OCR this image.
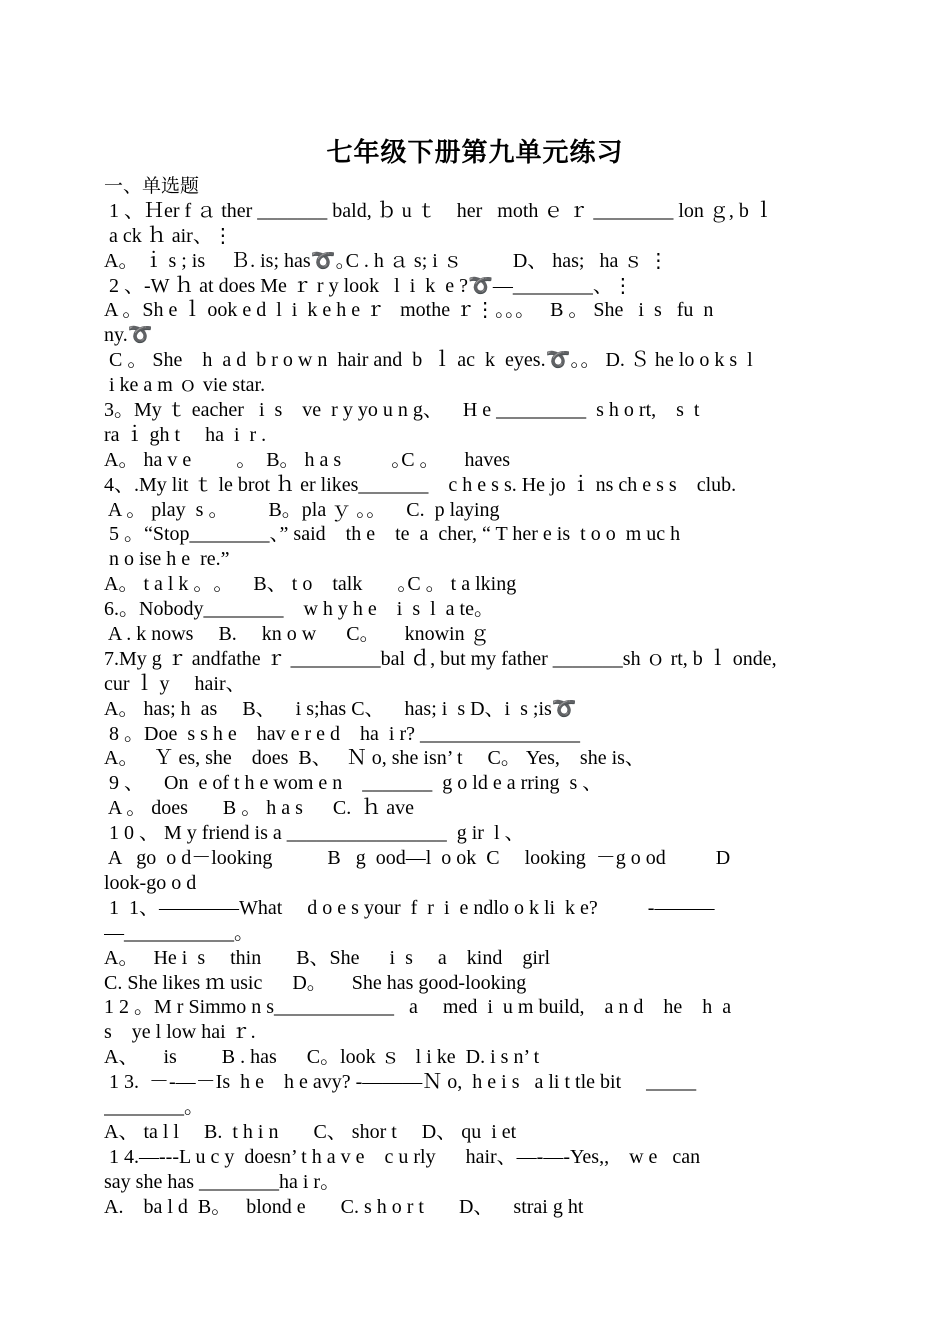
七年级下册第九单元练习
一、单选题
1 、Ｈer f ａ ther _______ bald, ｂ u ｔ    her   moth ｅ ｒ ________ lon ｇ, b ｌ
a ck ｈ air、⋮
A。 ｉ s ; is     Ｂ. is; has➰｡C . h ａ s; i ｓ          D、 has;   ha ｓ ⋮
2 、-W ｈ at does Me ｒ r y look   l  i  k  e ?➰—________、⋮
A 。Sh e ｌ ook e d  l  i  k e h e ｒ   mothe ｒ⋮｡｡｡     B 。 She   i  s   fu  n
ny.➰
C 。 She    h  a d  b r o w n  hair and  b  ｌ ac  k  eyes.➰｡｡   D. Ｓ he lo o k s  l
i ke a m ｏ vie star.
3。My ｔ eacher   i  s    ve  r y yo u n g、    H e _________  s h o rt,    s  t
ra ｉ gh t     ha  i  r .
A。 ha v e         ｡    B。 h a s          ｡C 。     haves
4、.My lit ｔ le brot ｈ er likes_______    c h e s s. He jo ｉ ns ch e s s    club.
A 。 play  s ｡          B。pla ｙ ｡｡      C.  p laying
5 。“Stop________、” said    th e    te  a  cher, “ T her e is  t o o  m uc h
n o ise h e  re.”
A。 t a l k ｡  ｡      B、 t o    talk       ｡C 。 t a lking
6.。Nobody________    w h y h e    i  s  l  a te。
A . k nows     B.     kn o w      C。     knowin ｇ
7.My g ｒ andfathe ｒ _________bal ｄ, but my father _______sh ｏ rt, b ｌ onde,
cur ｌ y     hair、
A。 has; h  as     B、    i s;has C、    has; i  s D、i  s ;is➰
8 。Doe  s s h e    hav e r e d    ha  i r? ________________
A。   Ｙ es, she    does  B、   Ｎ o, she isn’ t     C。 Yes,    she is、
9 、    On  e of t h e wom e n    _______  g o ld e a rring  s 、
A 。 does       B 。 h a s      C.  ｈ ave
1 0 、 M y friend is a ________________  g ir  l 、
A   go  o d－looking           B   g  ood—l  o ok  C     looking  －g o od          D
look-go o d
1  1、————What     d o e s your  f  r  i  e ndlo o k li  k e?          -———
—___________。
A。   He i  s     thin       B、She      i  s     a    kind    girl
C. She likes ｍ usic      D。     She has good-looking
1 2 。M r Simmo n s____________   a     med  i  u m build,    a n d    he    h  a
s    ye l low hai ｒ.
A、     is         B . has      C。look ｓ   l i ke  D. i s n’ t
1 3.  －-—－Is  h e    h e avy? -———Ｎ o,  h e i s   a li t tle bit     _____
________。
A、 ta l l     B.  t h i n       C、 shor t     D、 qu  i et
1 4.—---L u c y  doesn’ t h a v e    c u rly      hair、—-—-Yes,,    w e   can
say she has ________ha i r。
A.    ba l d  B。   blond e       C. s h o r t       D、    strai g ht
